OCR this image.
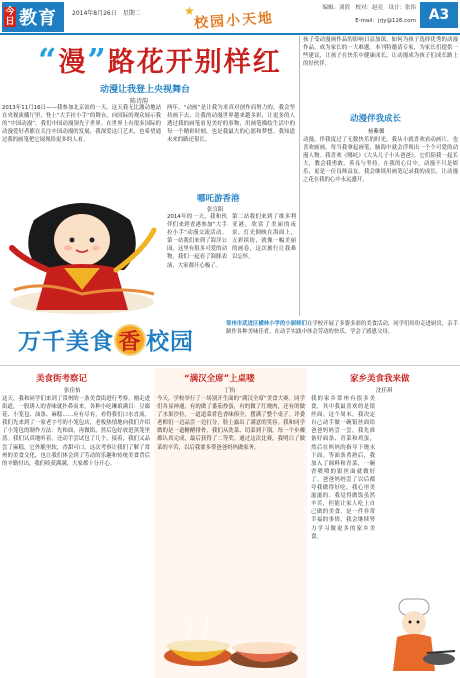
今日 教育	2014年8月26日　星期二	★
校园小天地
编辑：刘倩　校对：赵亮　设计：张伟
E-mail：jrjy@126.com A3
“漫”路花开别样红
动漫让我登上央视舞台
陈诗韵
2013年11月16日——我参加北京站的一天。这天我无比激动地站在央视演播厅里，登上“大手拉小手”的舞台，向国际的观众展示我的“中国动漫”。我们中国动漫领先于世界。在世界上有很多国际的动漫爱好者都在关注中国动漫的发展，我深爱这门艺术，也希望通过我的画笔把它展现给更多的人看。
两年，“动画”是让我为求真对创作而努力的，我会坚持画下去，让我的动漫世界越来越多彩，让更多的人透过我的画笔看见美好的事物，用画笔描绘生活中的每一个精彩时刻，也是我最大的心愿和梦想。我知道未来的路还很长。
孩子受动漫画作品的影响日益加深。如何为孩子选择优秀的动漫作品，成为家长的一大难题。本刊特邀请专家，为家长们提供一些建议，让孩子在快乐中健康成长，让动漫成为孩子们成长路上的好伙伴。
动漫伴我成长
杨紫馨
动漫，伴我度过了无数快乐的时光。我从小就喜欢看动画片，也喜欢画画。每当我拿起画笔，脑海中就会浮现出一个个可爱的动漫人物。我喜欢《哪吒》《大头儿子小头爸爸》，它们陪我一起长大，教会我勇敢、善良与坚持。在我的心目中，动漫不只是娱乐，更是一位良师益友。我会继续用画笔记录我的成长，让动漫之花在我的心中永远盛开。
哪吒游香港
张宣阳
2014年的一天，我和伙伴们来到香港参加“大手拉小手”动漫交流活动。第一站我们来到了海洋公园，这里有很多可爱的动物，我们一起看了海豚表演，大家都开心极了。
第二站我们来到了维多利亚港，欣赏了美丽的夜景。灯光倒映在海面上，五彩缤纷，就像一幅美丽的画卷，这次旅行让我难以忘怀。
万千美食 香 校园
常州市武进区横林小学的小厨师们在学校开展了多姿多彩的美食活动，同学们纷纷走进厨房，亲手制作各种美味佳肴，在动手实践中体会劳动的快乐，学会了感恩父母。
美食街考察记
张佳怡
这天，我和同学们来到了常州的一条美食街进行考察。刚走进街道，一股诱人的香味就扑鼻而来，各种小吃琳琅满目：豆腐花、小笼包、油条、麻糕……应有尽有，看得我们口水直流。我们先来到了一家老字号的小笼包店，老板热情地向我们介绍了小笼包的制作方法：先和面，再做馅，然后包好放进蒸笼里蒸。我们认真地听着，还动手尝试包了几个。接着，我们又品尝了麻糕，它外脆里软，香甜可口。这次考察让我们了解了常州的美食文化，也让我们体会到了劳动的乐趣和传统美食背后的辛勤付出，我们收获满满，大家都十分开心。
“满汉全席”上桌喽
丁怡
今天，学校举行了一场别开生面的“满汉全席”美食大赛。同学们各显神通，有的做了番茄炒蛋，有的做了红烧肉，还有的做了水果沙拉，一道道菜肴色香味俱全，摆满了整个桌子。评委老师们一边品尝一边打分，脸上露出了满意的笑容。我和同学做的是一道糖醋排骨，我们从洗菜、切菜到下锅，每一个步骤都认真完成，最后获得了二等奖。通过这次比赛，我明白了做菜的辛苦，以后我要多帮爸爸妈妈做家务。
家乡美食我来做
沈佳琪
我的家乡常州有很多美食，其中我最喜欢的是银丝面。这个周末，我决定自己动手做一碗银丝面给爸爸妈妈尝一尝。我先准备好面条、青菜和鸡蛋，然后在妈妈的指导下烧水下面。等面条煮熟后，我加入了调料和青菜，一碗香喷喷的银丝面就做好了。爸爸妈妈尝了以后都夸我做得好吃，我心里美滋滋的。我觉得做饭虽然辛苦，但能让家人吃上自己做的美食，是一件非常幸福的事情，我会继续努力学习做更多的家乡美食。
